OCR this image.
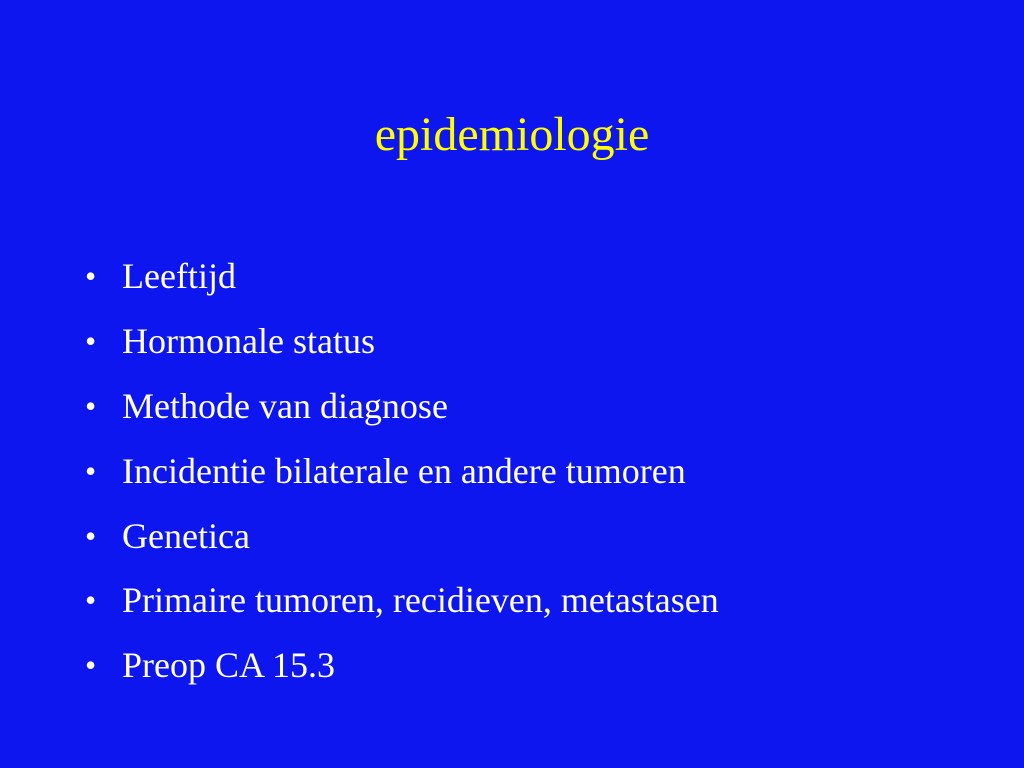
epidemiologie
• Leeftijd
• Hormonale status
• Methode van diagnose
• Incidentie bilaterale en andere tumoren
• Genetica
• Primaire tumoren, recidieven, metastasen
• Preop CA 15.3
